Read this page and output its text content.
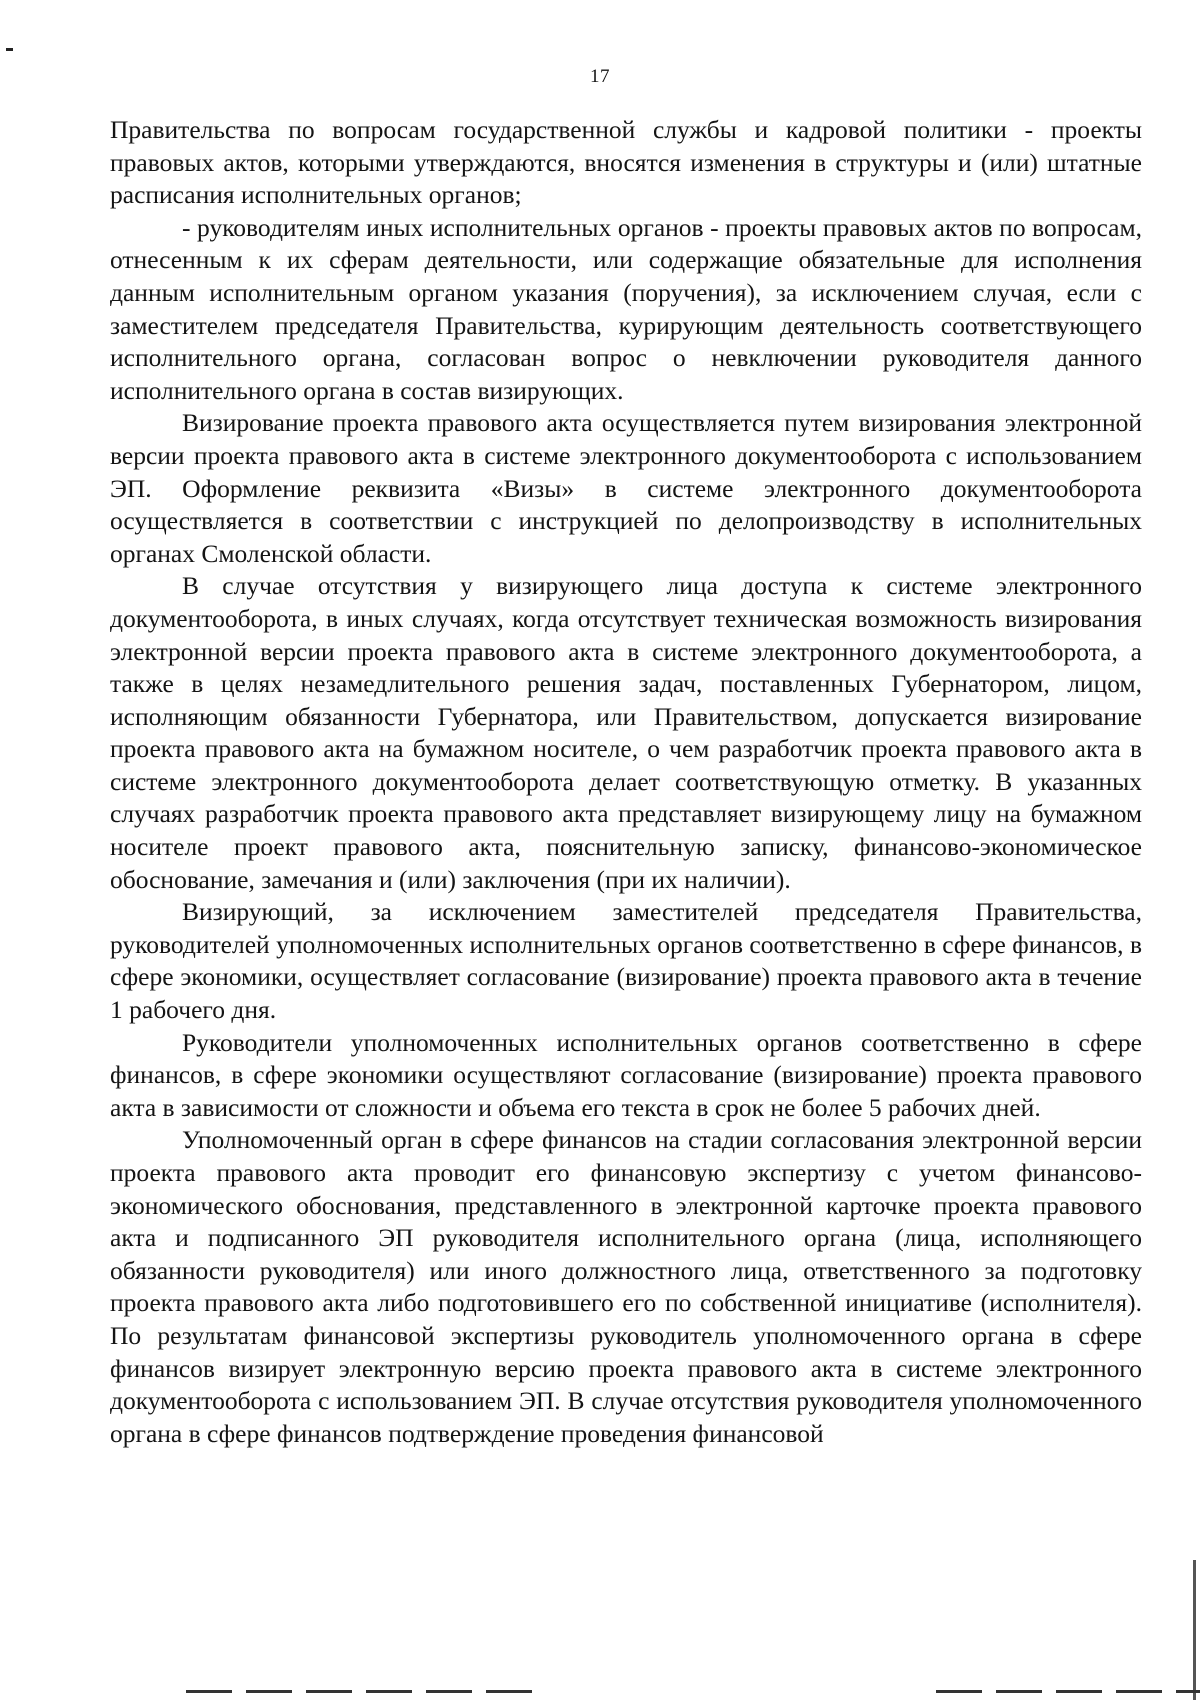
17

Правительства по вопросам государственной службы и кадровой политики - проекты правовых актов, которыми утверждаются, вносятся изменения в структуры и (или) штатные расписания исполнительных органов;

- руководителям иных исполнительных органов - проекты правовых актов по вопросам, отнесенным к их сферам деятельности, или содержащие обязательные для исполнения данным исполнительным органом указания (поручения), за исключением случая, если с заместителем председателя Правительства, курирующим деятельность соответствующего исполнительного органа, согласован вопрос о невключении руководителя данного исполнительного органа в состав визирующих.

Визирование проекта правового акта осуществляется путем визирования электронной версии проекта правового акта в системе электронного документооборота с использованием ЭП. Оформление реквизита «Визы» в системе электронного документооборота осуществляется в соответствии с инструкцией по делопроизводству в исполнительных органах Смоленской области.

В случае отсутствия у визирующего лица доступа к системе электронного документооборота, в иных случаях, когда отсутствует техническая возможность визирования электронной версии проекта правового акта в системе электронного документооборота, а также в целях незамедлительного решения задач, поставленных Губернатором, лицом, исполняющим обязанности Губернатора, или Правительством, допускается визирование проекта правового акта на бумажном носителе, о чем разработчик проекта правового акта в системе электронного документооборота делает соответствующую отметку. В указанных случаях разработчик проекта правового акта представляет визирующему лицу на бумажном носителе проект правового акта, пояснительную записку, финансово-экономическое обоснование, замечания и (или) заключения (при их наличии).

Визирующий, за исключением заместителей председателя Правительства, руководителей уполномоченных исполнительных органов соответственно в сфере финансов, в сфере экономики, осуществляет согласование (визирование) проекта правового акта в течение 1 рабочего дня.

Руководители уполномоченных исполнительных органов соответственно в сфере финансов, в сфере экономики осуществляют согласование (визирование) проекта правового акта в зависимости от сложности и объема его текста в срок не более 5 рабочих дней.

Уполномоченный орган в сфере финансов на стадии согласования электронной версии проекта правового акта проводит его финансовую экспертизу с учетом финансово-экономического обоснования, представленного в электронной карточке проекта правового акта и подписанного ЭП руководителя исполнительного органа (лица, исполняющего обязанности руководителя) или иного должностного лица, ответственного за подготовку проекта правового акта либо подготовившего его по собственной инициативе (исполнителя). По результатам финансовой экспертизы руководитель уполномоченного органа в сфере финансов визирует электронную версию проекта правового акта в системе электронного документооборота с использованием ЭП. В случае отсутствия руководителя уполномоченного органа в сфере финансов подтверждение проведения финансовой
